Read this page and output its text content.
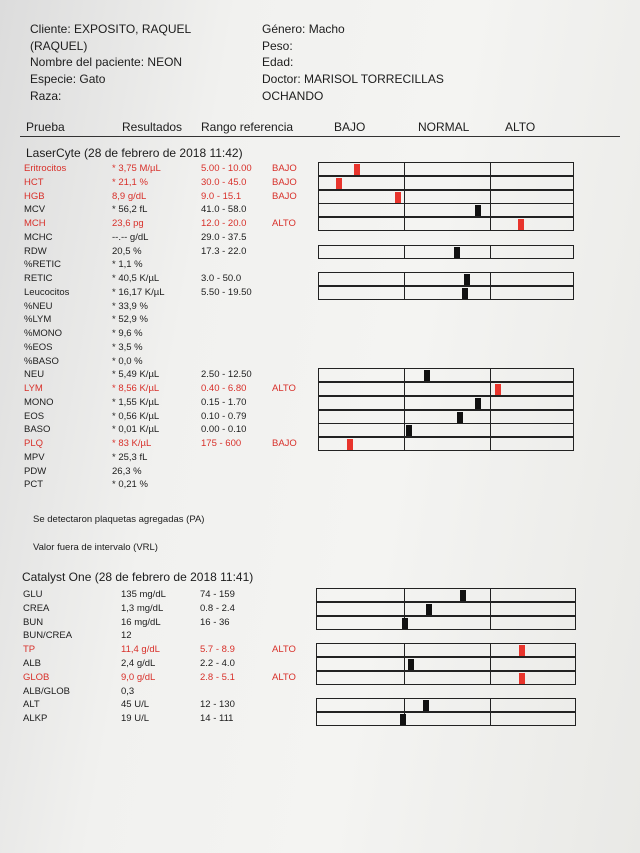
Cliente: EXPOSITO, RAQUEL
(RAQUEL)
Nombre del paciente: NEON
Especie: Gato
Raza:
Género: Macho
Peso:
Edad:
Doctor: MARISOL TORRECILLAS
OCHANDO
Prueba	Resultados Rango referencia	BAJO	NORMAL	ALTO
LaserCyte (28 de febrero de 2018 11:42)
Catalyst One (28 de febrero de 2018 11:41)
Se detectaron plaquetas agregadas (PA)
Valor fuera de intervalo (VRL)
Eritrocitos	* 3,75 M/µL	5.00 - 10.00 BAJO
HCT	* 21,1 %	30.0 - 45.0	BAJO
HGB	8,9 g/dL	9.0 - 15.1	BAJO
MCV	* 56,2 fL	41.0 - 58.0
MCH	23,6 pg	12.0 - 20.0	ALTO
MCHC	--.-- g/dL	29.0 - 37.5
RDW	20,5 %	17.3 - 22.0
%RETIC	* 1,1 %
RETIC	* 40,5 K/µL	3.0 - 50.0
Leucocitos	* 16,17 K/µL	5.50 - 19.50
%NEU	* 33,9 %
%LYM	* 52,9 %
%MONO	* 9,6 %
%EOS	* 3,5 %
%BASO	* 0,0 %
NEU	* 5,49 K/µL	2.50 - 12.50
LYM	* 8,56 K/µL	0.40 - 6.80	ALTO
MONO	* 1,55 K/µL	0.15 - 1.70
EOS	* 0,56 K/µL	0.10 - 0.79
BASO	* 0,01 K/µL	0.00 - 0.10
PLQ	* 83 K/µL	175 - 600	BAJO
MPV	* 25,3 fL
PDW	26,3 %
PCT	* 0,21 %
GLU	135 mg/dL	74 - 159
CREA	1,3 mg/dL	0.8 - 2.4
BUN	16 mg/dL	16 - 36
BUN/CREA	12
TP	11,4 g/dL	5.7 - 8.9	ALTO
ALB	2,4 g/dL	2.2 - 4.0
GLOB	9,0 g/dL	2.8 - 5.1	ALTO
ALB/GLOB	0,3
ALT	45 U/L	12 - 130
ALKP	19 U/L	14 - 111
